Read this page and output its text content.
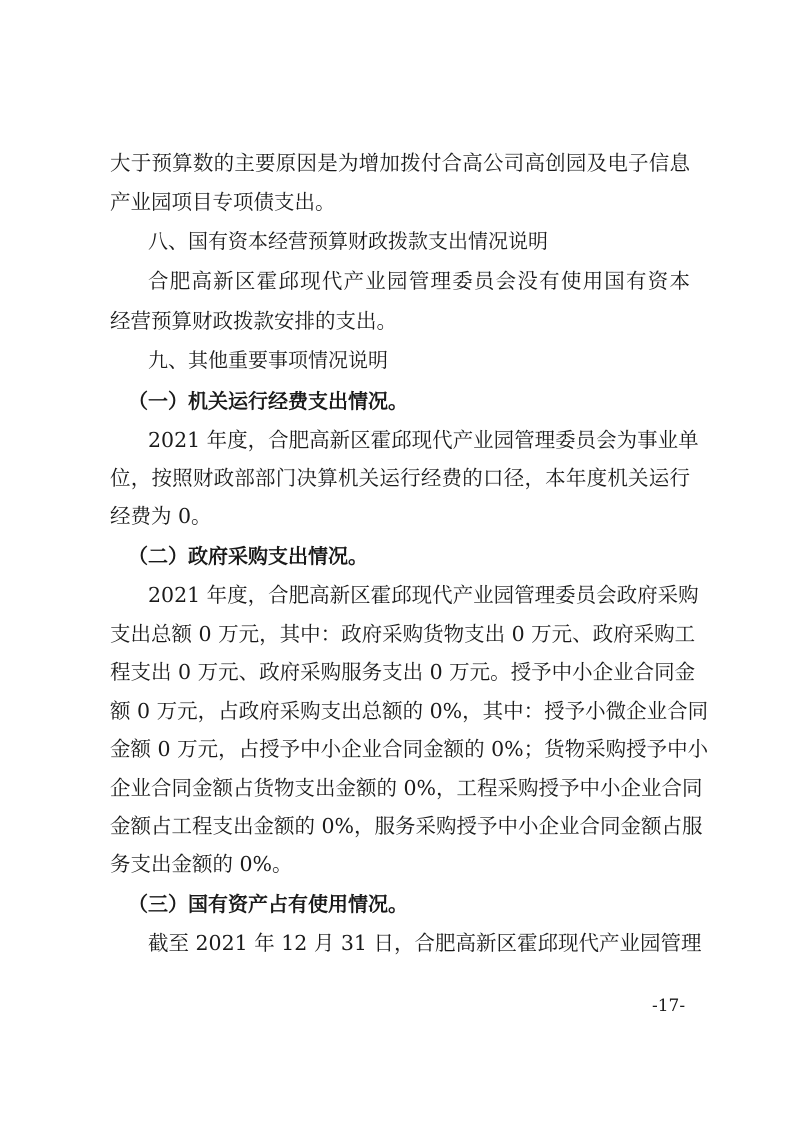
大于预算数的主要原因是为增加拨付合高公司高创园及电子信息
产业园项目专项债支出。
八、国有资本经营预算财政拨款支出情况说明
合肥高新区霍邱现代产业园管理委员会没有使用国有资本
经营预算财政拨款安排的支出。
九、其他重要事项情况说明
（一）机关运行经费支出情况。
2021 年度，合肥高新区霍邱现代产业园管理委员会为事业单
位，按照财政部部门决算机关运行经费的口径，本年度机关运行
经费为 0。
（二）政府采购支出情况。
2021 年度，合肥高新区霍邱现代产业园管理委员会政府采购
支出总额 0 万元，其中：政府采购货物支出 0 万元、政府采购工
程支出 0 万元、政府采购服务支出 0 万元。授予中小企业合同金
额 0 万元，占政府采购支出总额的 0%，其中：授予小微企业合同
金额 0 万元，占授予中小企业合同金额的 0%；货物采购授予中小
企业合同金额占货物支出金额的 0%，工程采购授予中小企业合同
金额占工程支出金额的 0%，服务采购授予中小企业合同金额占服
务支出金额的 0%。
（三）国有资产占有使用情况。
截至 2021 年 12 月 31 日，合肥高新区霍邱现代产业园管理
-17-
